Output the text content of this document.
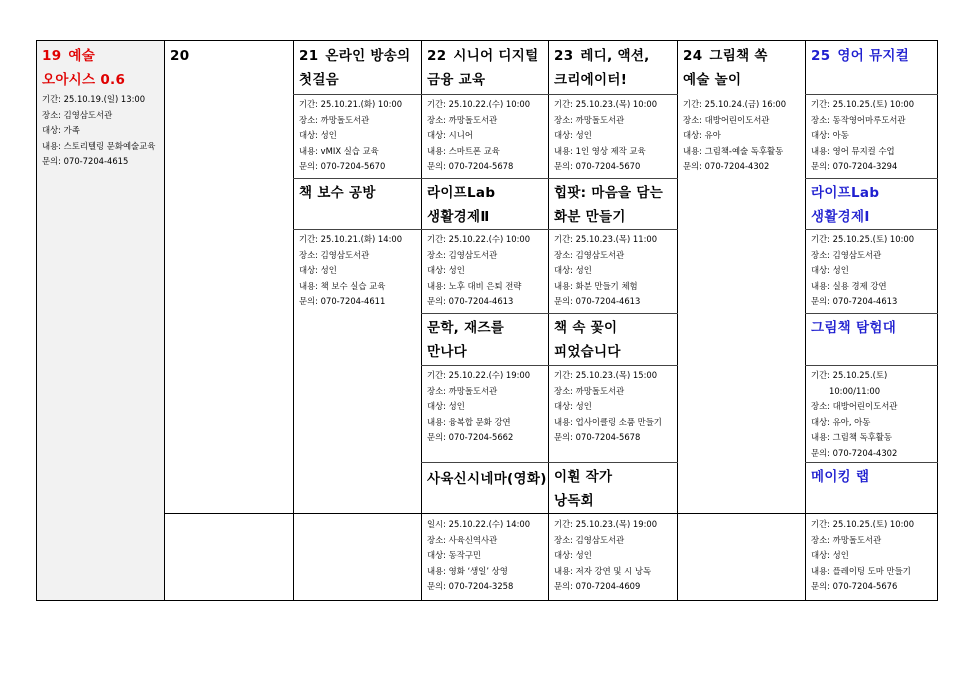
19 예술
오아시스 0.6
기간: 25.10.19.(일) 13:00
장소: 김영삼도서관
대상: 가족
내용: 스토리텔링 문화예술교육
문의: 070-7204-4615
20	21 온라인 방송의
첫걸음
기간: 25.10.21.(화) 10:00
장소: 까망돌도서관
대상: 성인
내용: vMIX 실습 교육
문의: 070-7204-5670
책 보수 공방
기간: 25.10.21.(화) 14:00
장소: 김영삼도서관
대상: 성인
내용: 책 보수 실습 교육
문의: 070-7204-4611
22 시니어 디지털
금융 교육
기간: 25.10.22.(수) 10:00
장소: 까망돌도서관
대상: 시니어
내용: 스마트폰 교육
문의: 070-7204-5678
라이프Lab
생활경제Ⅱ
기간: 25.10.22.(수) 10:00
장소: 김영삼도서관
대상: 성인
내용: 노후 대비 은퇴 전략
문의: 070-7204-4613
문학, 재즈를
만나다
기간: 25.10.22.(수) 19:00
장소: 까망돌도서관
대상: 성인
내용: 융복합 문화 강연
문의: 070-7204-5662
사육신시네마(영화)
일시: 25.10.22.(수) 14:00
장소: 사육신역사관
대상: 동작구민
내용: 영화 ‘생일’ 상영
문의: 070-7204-3258
23 레디, 액션,
크리에이터!
기간: 25.10.23.(목) 10:00
장소: 까망돌도서관
대상: 성인
내용: 1인 영상 제작 교육
문의: 070-7204-5670
힙팟: 마음을 담는
화분 만들기
기간: 25.10.23.(목) 11:00
장소: 김영삼도서관
대상: 성인
내용: 화분 만들기 체험
문의: 070-7204-4613
책 속 꽃이
피었습니다
기간: 25.10.23.(목) 15:00
장소: 까망돌도서관
대상: 성인
내용: 업사이클링 소품 만들기
문의: 070-7204-5678
이훤 작가
낭독회
기간: 25.10.23.(목) 19:00
장소: 김영삼도서관
대상: 성인
내용: 저자 강연 및 시 낭독
문의: 070-7204-4609
24 그림책 쏙
예술 놀이
기간: 25.10.24.(금) 16:00
장소: 대방어린이도서관
대상: 유아
내용: 그림책-예술 독후활동
문의: 070-7204-4302
25 영어 뮤지컬
기간: 25.10.25.(토) 10:00
장소: 동작영어마루도서관
대상: 아동
내용: 영어 뮤지컬 수업
문의: 070-7204-3294
라이프Lab
생활경제Ⅰ
기간: 25.10.25.(토) 10:00
장소: 김영삼도서관
대상: 성인
내용: 실용 경제 강연
문의: 070-7204-4613
그림책 탐험대
기간: 25.10.25.(토)
10:00/11:00
장소: 대방어린이도서관
대상: 유아, 아동
내용: 그림책 독후활동
문의: 070-7204-4302
메이킹 랩
기간: 25.10.25.(토) 10:00
장소: 까망돌도서관
대상: 성인
내용: 플레이팅 도마 만들기
문의: 070-7204-5676
